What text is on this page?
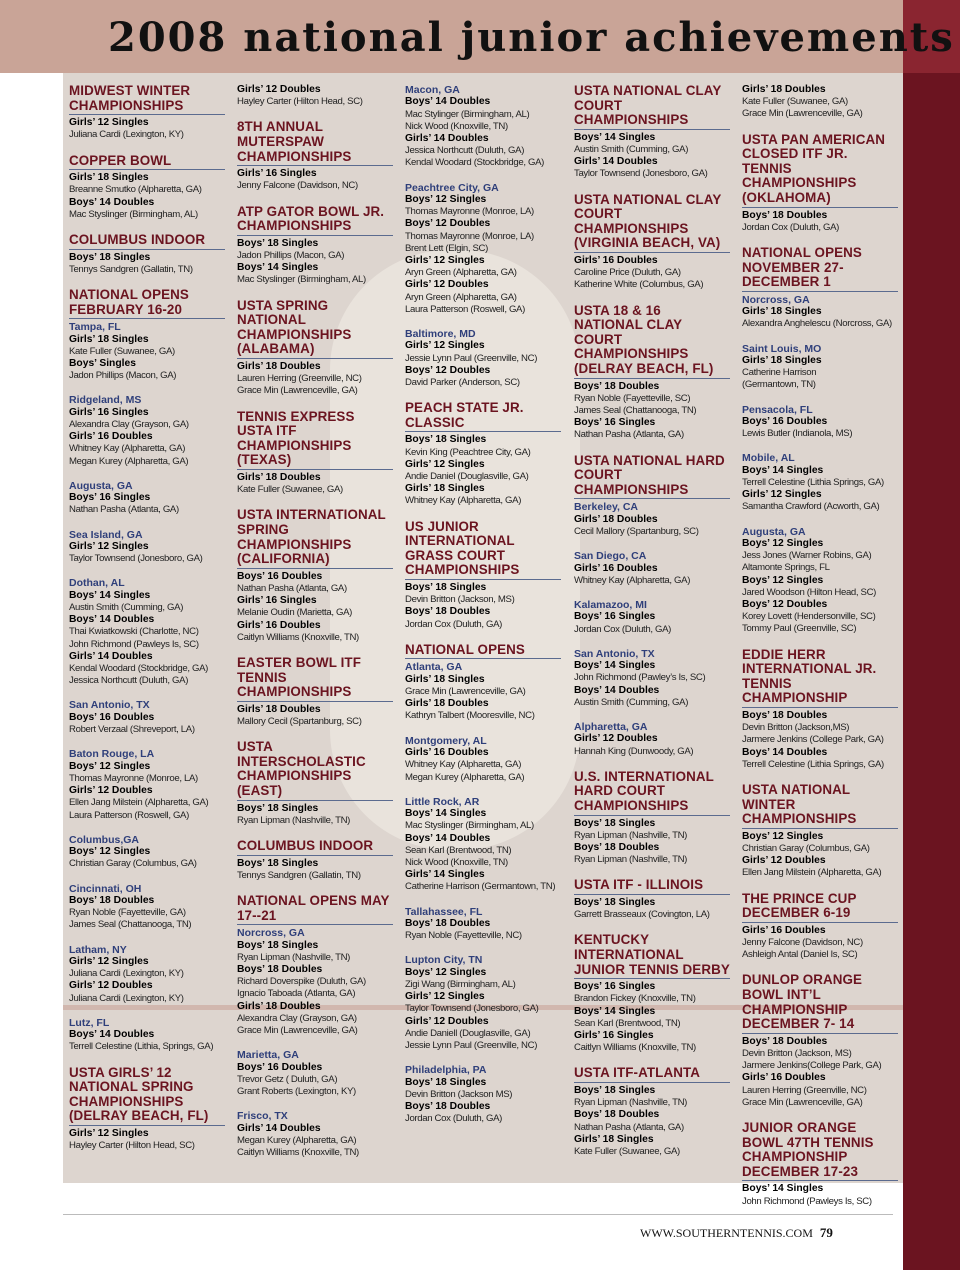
2008 national junior achievements
MIDWEST WINTER CHAMPIONSHIPS
Girls’ 12 Singles
Juliana Cardi (Lexington, KY)
COPPER BOWL
Girls’ 18 Singles
Breanne Smutko (Alpharetta, GA)
Boys’ 14 Doubles
Mac Styslinger (Birmingham, AL)
COLUMBUS INDOOR
Boys’ 18 Singles
Tennys Sandgren (Gallatin, TN)
NATIONAL OPENS FEBRUARY 16-20
Tampa, FL
Girls’ 18 Singles
Kate Fuller (Suwanee, GA)
Boys’ Singles
Jadon Phillips (Macon, GA)
Ridgeland, MS
Girls’ 16 Singles
Alexandra Clay (Grayson, GA)
Girls’ 16 Doubles
Whitney Kay (Alpharetta, GA)
Megan Kurey (Alpharetta, GA)
Augusta, GA
Boys’ 16 Singles
Nathan Pasha (Atlanta, GA)
Sea Island, GA
Girls’ 12 Singles
Taylor Townsend (Jonesboro, GA)
Dothan, AL
Boys’ 14 Singles
Austin Smith (Cumming, GA)
Boys’ 14 Doubles
Thai Kwiatkowski (Charlotte, NC)
John Richmond (Pawleys Is, SC)
Girls’ 14 Doubles
Kendal Woodard (Stockbridge, GA)
Jessica Northcutt (Duluth, GA)
San Antonio, TX
Boys’ 16 Doubles
Robert Verzaal (Shreveport, LA)
Baton Rouge, LA
Boys’ 12 Singles
Thomas Mayronne (Monroe, LA)
Girls’ 12 Doubles
Ellen Jang Milstein (Alpharetta, GA)
Laura Patterson (Roswell, GA)
Columbus,GA
Boys’ 12 Singles
Christian Garay (Columbus, GA)
Cincinnati, OH
Boys’ 18 Doubles
Ryan Noble (Fayetteville, GA)
James Seal (Chattanooga, TN)
Latham, NY
Girls’ 12 Singles
Juliana Cardi (Lexington, KY)
Girls’ 12 Doubles
Juliana Cardi (Lexington, KY)
Lutz, FL
Boys’ 14 Doubles
Terrell Celestine (Lithia, Springs, GA)
USTA GIRLS’ 12 NATIONAL SPRING CHAMPIONSHIPS (DELRAY BEACH, FL)
Girls’ 12 Singles
Hayley Carter (Hilton Head, SC)
Girls’ 12 Doubles
Hayley Carter (Hilton Head, SC)
8TH ANNUAL MUTERSPAW CHAMPIONSHIPS
Girls’ 16 Singles
Jenny Falcone (Davidson, NC)
ATP GATOR BOWL JR. CHAMPIONSHIPS
Boys’ 18 Singles
Jadon Phillips (Macon, GA)
Boys’ 14 Singles
Mac Styslinger (Birmingham, AL)
USTA SPRING NATIONAL CHAMPIONSHIPS (ALABAMA)
Girls’ 18 Doubles
Lauren Herring (Greenville, NC)
Grace Min (Lawrenceville, GA)
TENNIS EXPRESS USTA ITF CHAMPIONSHIPS (TEXAS)
Girls’ 18 Doubles
Kate Fuller (Suwanee, GA)
USTA INTERNATIONAL SPRING CHAMPIONSHIPS (CALIFORNIA)
Boys’ 16 Doubles
Nathan Pasha (Atlanta, GA)
Girls’ 16 Singles
Melanie Oudin (Marietta, GA)
Girls’ 16 Doubles
Caitlyn Williams (Knoxville, TN)
EASTER BOWL ITF TENNIS CHAMPIONSHIPS
Girls’ 18 Doubles
Mallory Cecil (Spartanburg, SC)
USTA INTERSCHOLASTIC CHAMPIONSHIPS (EAST)
Boys’ 18 Singles
Ryan Lipman (Nashville, TN)
COLUMBUS INDOOR
Boys’ 18 Singles
Tennys Sandgren (Gallatin, TN)
NATIONAL OPENS MAY 17--21
Norcross, GA
Boys’ 18 Singles
Ryan Lipman (Nashville, TN)
Boys’ 18 Doubles
Richard Doverspike (Duluth, GA)
Ignacio Taboada (Atlanta, GA)
Girls’ 18 Doubles
Alexandra Clay (Grayson, GA)
Grace Min (Lawrenceville, GA)
Marietta, GA
Boys’ 16 Doubles
Trevor Getz ( Duluth, GA)
Grant Roberts (Lexington, KY)
Frisco, TX
Girls’ 14 Doubles
Megan Kurey (Alpharetta, GA)
Caitlyn Williams (Knoxville, TN)
Macon, GA
Boys’ 14 Doubles
Mac Stylinger (Birmingham, AL)
Nick Wood (Knoxville, TN)
Girls’ 14 Doubles
Jessica Northcutt (Duluth, GA)
Kendal Woodard (Stockbridge, GA)
Peachtree City, GA
Boys’ 12 Singles
Thomas Mayronne (Monroe, LA)
Boys’ 12 Doubles
Thomas Mayronne (Monroe, LA)
Brent Lett (Elgin, SC)
Girls’ 12 Singles
Aryn Green (Alpharetta, GA)
Girls’ 12 Doubles
Aryn Green (Alpharetta, GA)
Laura Patterson (Roswell, GA)
Baltimore, MD
Girls’ 12 Singles
Jessie Lynn Paul (Greenville, NC)
Boys’ 12 Doubles
David Parker (Anderson, SC)
PEACH STATE JR. CLASSIC
Boys’ 18 Singles
Kevin King (Peachtree City, GA)
Girls’ 12 Singles
Andie Daniel (Douglasville, GA)
Girls’ 18 Singles
Whitney Kay (Alpharetta, GA)
US JUNIOR INTERNATIONAL GRASS COURT CHAMPIONSHIPS
Boys’ 18 Singles
Devin Britton (Jackson, MS)
Boys’ 18 Doubles
Jordan Cox (Duluth, GA)
NATIONAL OPENS
Atlanta, GA
Girls’ 18 Singles
Grace Min (Lawrenceville, GA)
Girls’ 18 Doubles
Kathryn Talbert (Mooresville, NC)
Montgomery, AL
Girls’ 16 Doubles
Whitney Kay (Alpharetta, GA)
Megan Kurey (Alpharetta, GA)
Little Rock, AR
Boys’ 14 Singles
Mac Styslinger (Birmingham, AL)
Boys’ 14 Doubles
Sean Karl (Brentwood, TN)
Nick Wood (Knoxville, TN)
Girls’ 14 Singles
Catherine Harrison (Germantown, TN)
Tallahassee, FL
Boys’ 18 Doubles
Ryan Noble (Fayetteville, NC)
Lupton City, TN
Boys’ 12 Singles
Zigi Wang (Birmingham, AL)
Girls’ 12 Singles
Taylor Townsend (Jonesboro, GA)
Girls’ 12 Doubles
Andie Daniell (Douglasville, GA)
Jessie Lynn Paul (Greenville, NC)
Philadelphia, PA
Boys’ 18 Singles
Devin Britton (Jackson MS)
Boys’ 18 Doubles
Jordan Cox (Duluth, GA)
USTA NATIONAL CLAY COURT CHAMPIONSHIPS
Boys’ 14 Singles
Austin Smith (Cumming, GA)
Girls’ 14 Doubles
Taylor Townsend (Jonesboro, GA)
USTA NATIONAL CLAY COURT CHAMPIONSHIPS (VIRGINIA BEACH, VA)
Girls’ 16 Doubles
Caroline Price (Duluth, GA)
Katherine White (Columbus, GA)
USTA 18 & 16 NATIONAL CLAY COURT CHAMPIONSHIPS (DELRAY BEACH, FL)
Boys’ 18 Doubles
Ryan Noble (Fayetteville, SC)
James Seal (Chattanooga, TN)
Boys’ 16 Singles
Nathan Pasha (Atlanta, GA)
USTA NATIONAL HARD COURT CHAMPIONSHIPS
Berkeley, CA
Girls’ 18 Doubles
Cecil Mallory (Spartanburg, SC)
San Diego, CA
Girls’ 16 Doubles
Whitney Kay (Alpharetta, GA)
Kalamazoo, MI
Boys’ 16 Singles
Jordan Cox (Duluth, GA)
San Antonio, TX
Boys’ 14 Singles
John Richmond (Pawley’s Is, SC)
Boys’ 14 Doubles
Austin Smith (Cumming, GA)
Alpharetta, GA
Girls’ 12 Doubles
Hannah King (Dunwoody, GA)
U.S. INTERNATIONAL HARD COURT CHAMPIONSHIPS
Boys’ 18 Singles
Ryan Lipman (Nashville, TN)
Boys’ 18 Doubles
Ryan Lipman (Nashville, TN)
USTA ITF - ILLINOIS
Boys’ 18 Singles
Garrett Brasseaux (Covington, LA)
KENTUCKY INTERNATIONAL JUNIOR TENNIS DERBY
Boys’ 16 Singles
Brandon Fickey (Knoxville, TN)
Boys’ 14 Singles
Sean Karl (Brentwood, TN)
Girls’ 16 Singles
Caitlyn Williams (Knoxville, TN)
USTA ITF-ATLANTA
Boys’ 18 Singles
Ryan Lipman (Nashville, TN)
Boys’ 18 Doubles
Nathan Pasha (Atlanta, GA)
Girls’ 18 Singles
Kate Fuller (Suwanee, GA)
Girls’ 18 Doubles
Kate Fuller (Suwanee, GA)
Grace Min (Lawrenceville, GA)
USTA PAN AMERICAN CLOSED ITF JR. TENNIS CHAMPIONSHIPS (OKLAHOMA)
Boys’ 18 Doubles
Jordan Cox (Duluth, GA)
NATIONAL OPENS NOVEMBER 27-DECEMBER 1
Norcross, GA
Girls’ 18 Singles
Alexandra Anghelescu (Norcross, GA)
Saint Louis, MO
Girls’ 18 Singles
Catherine Harrison
(Germantown, TN)
Pensacola, FL
Boys’ 16 Doubles
Lewis Butler (Indianola, MS)
Mobile, AL
Boys’ 14 Singles
Terrell Celestine (Lithia Springs, GA)
Girls’ 12 Singles
Samantha Crawford (Acworth, GA)
Augusta, GA
Boys’ 12 Singles
Jess Jones (Warner Robins, GA)
Altamonte Springs, FL
Boys’ 12 Singles
Jared Woodson (Hilton Head, SC)
Boys’ 12 Doubles
Korey Lovett (Hendersonville, SC)
Tommy Paul (Greenville, SC)
EDDIE HERR INTERNATIONAL JR. TENNIS CHAMPIONSHIP
Boys’ 18 Doubles
Devin Britton (Jackson,MS)
Jarmere Jenkins (College Park, GA)
Boys’ 14 Doubles
Terrell Celestine (Lithia Springs, GA)
USTA NATIONAL WINTER CHAMPIONSHIPS
Boys’ 12 Singles
Christian Garay (Columbus, GA)
Girls’ 12 Doubles
Ellen Jang Milstein (Alpharetta, GA)
THE PRINCE CUP DECEMBER 6-19
Girls’ 16 Doubles
Jenny Falcone (Davidson, NC)
Ashleigh Antal (Daniel Is, SC)
DUNLOP ORANGE BOWL INT’L CHAMPIONSHIP DECEMBER 7- 14
Boys’ 18 Doubles
Devin Britton (Jackson, MS)
Jarmere Jenkins(College Park, GA)
Girls’ 16 Doubles
Lauren Herring (Greenville, NC)
Grace Min (Lawrenceville, GA)
JUNIOR ORANGE BOWL 47TH TENNIS CHAMPIONSHIP DECEMBER 17-23
Boys’ 14 Singles
John Richmond (Pawleys Is, SC)
WWW.SOUTHERNTENNIS.COM 79
